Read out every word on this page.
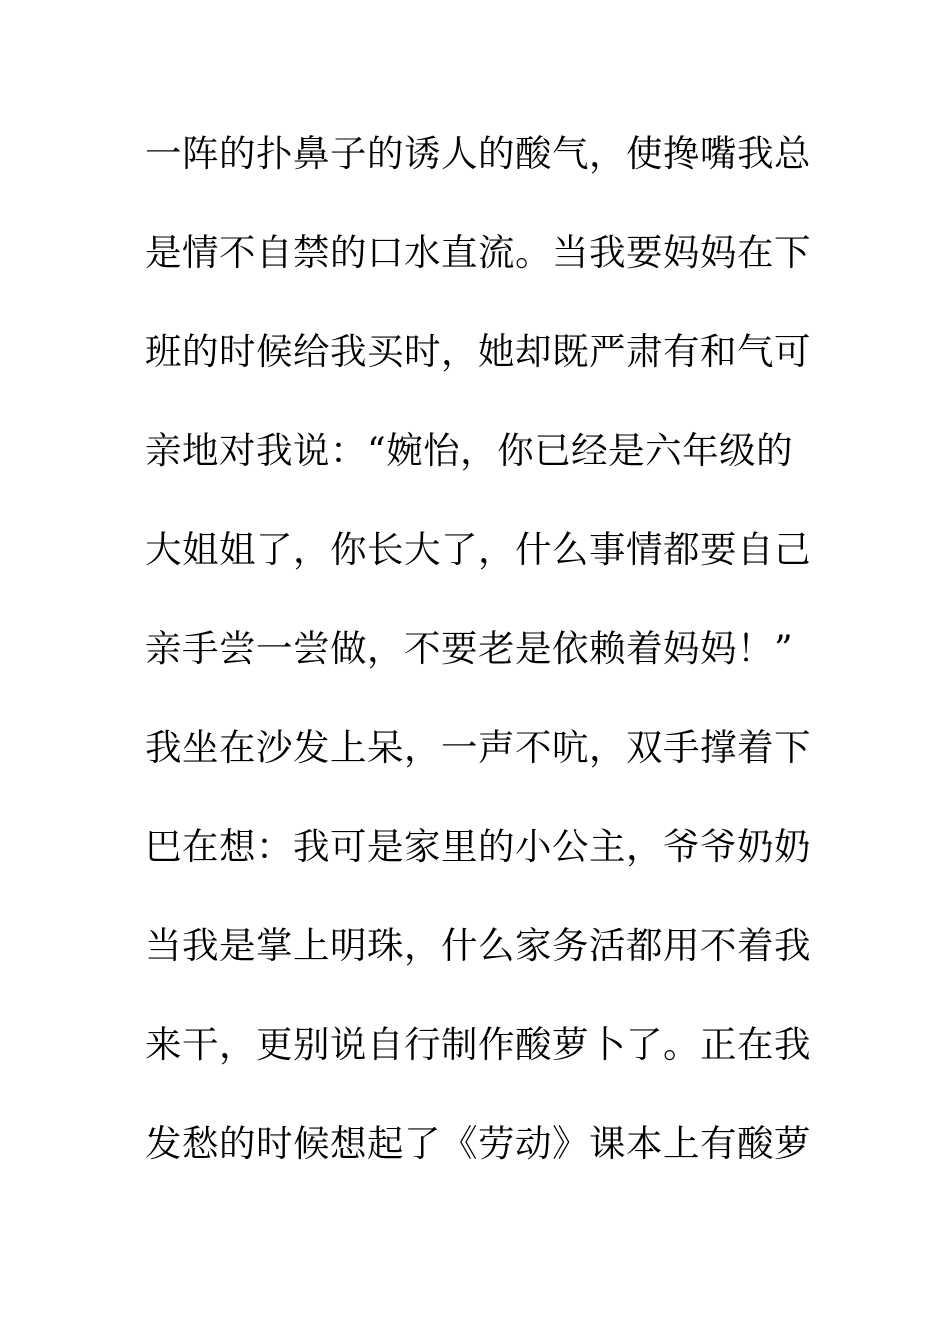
一阵的扑鼻子的诱人的酸气，使搀嘴我总
是情不自禁的口水直流。当我要妈妈在下
班的时候给我买时，她却既严肃有和气可
亲地对我说：“婉怡，你已经是六年级的
大姐姐了，你长大了，什么事情都要自己
亲手尝一尝做，不要老是依赖着妈妈！”
我坐在沙发上呆，一声不吭，双手撑着下
巴在想：我可是家里的小公主，爷爷奶奶
当我是掌上明珠，什么家务活都用不着我
来干，更别说自行制作酸萝卜了。正在我
发愁的时候想起了《劳动》课本上有酸萝
